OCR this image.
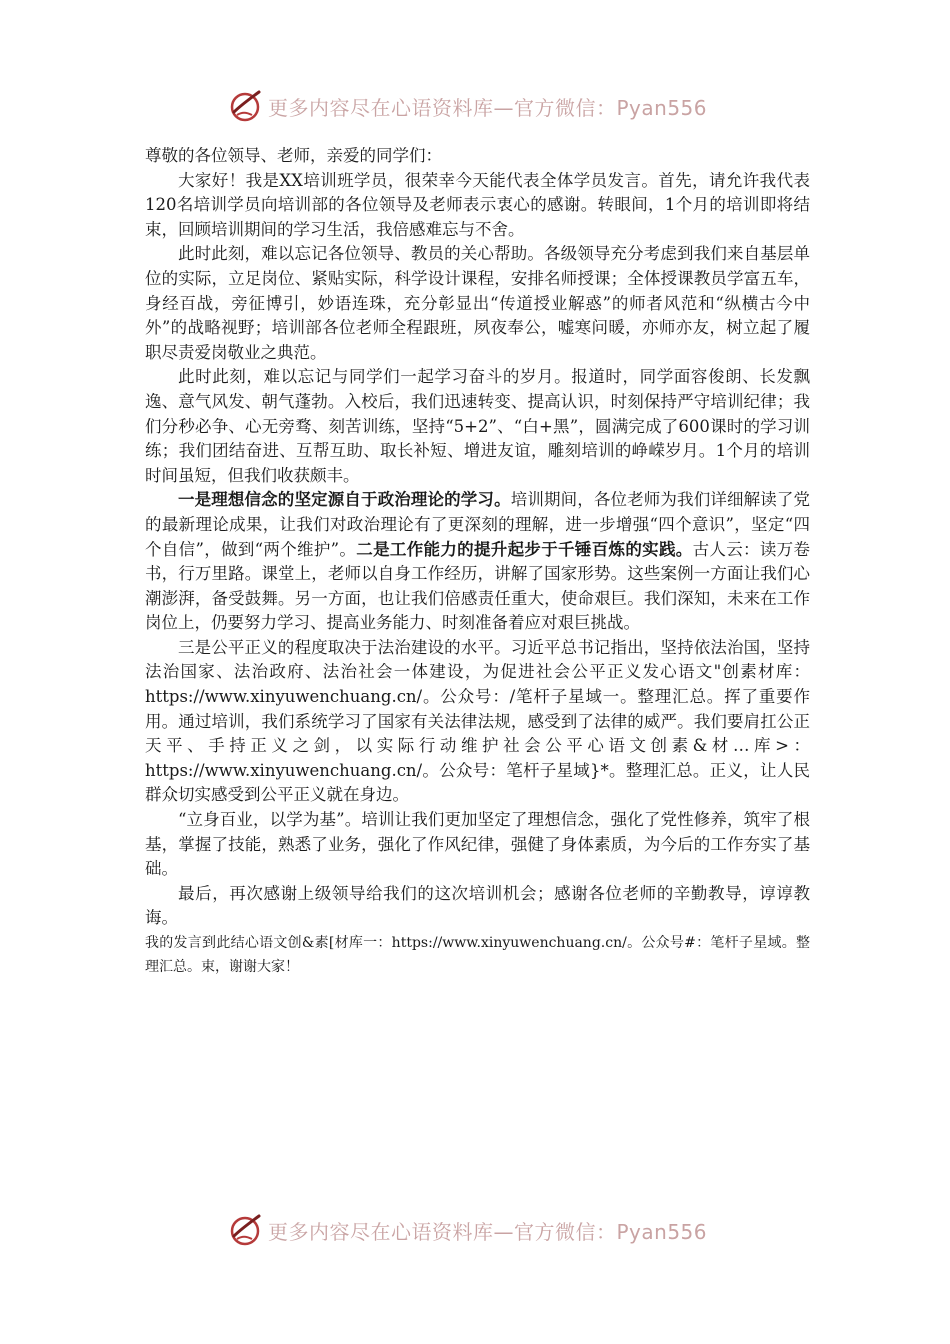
更多内容尽在心语资料库—官方微信：Pyan556

尊敬的各位领导、老师，亲爱的同学们：

大家好！我是XX培训班学员，很荣幸今天能代表全体学员发言。首先，请允许我代表120名培训学员向培训部的各位领导及老师表示衷心的感谢。转眼间，1个月的培训即将结束，回顾培训期间的学习生活，我倍感难忘与不舍。

此时此刻，难以忘记各位领导、教员的关心帮助。各级领导充分考虑到我们来自基层单位的实际，立足岗位、紧贴实际，科学设计课程，安排名师授课；全体授课教员学富五车，身经百战，旁征博引，妙语连珠，充分彰显出“传道授业解惑”的师者风范和“纵横古今中外”的战略视野；培训部各位老师全程跟班，夙夜奉公，嘘寒问暖，亦师亦友，树立起了履职尽责爱岗敬业之典范。

此时此刻，难以忘记与同学们一起学习奋斗的岁月。报道时，同学面容俊朗、长发飘逸、意气风发、朝气蓬勃。入校后，我们迅速转变、提高认识，时刻保持严守培训纪律；我们分秒必争、心无旁骛、刻苦训练，坚持“5+2”、“白+黑”，圆满完成了600课时的学习训练；我们团结奋进、互帮互助、取长补短、增进友谊，雕刻培训的峥嵘岁月。1个月的培训时间虽短，但我们收获颇丰。

一是理想信念的坚定源自于政治理论的学习。培训期间，各位老师为我们详细解读了党的最新理论成果，让我们对政治理论有了更深刻的理解，进一步增强“四个意识”，坚定“四个自信”，做到“两个维护”。二是工作能力的提升起步于千锤百炼的实践。古人云：读万卷书，行万里路。课堂上，老师以自身工作经历，讲解了国家形势。这些案例一方面让我们心潮澎湃，备受鼓舞。另一方面，也让我们倍感责任重大，使命艰巨。我们深知，未来在工作岗位上，仍要努力学习、提高业务能力、时刻准备着应对艰巨挑战。

三是公平正义的程度取决于法治建设的水平。习近平总书记指出，坚持依法治国，坚持法治国家、法治政府、法治社会一体建设，为促进社会公平正义发心语文"创素材库：https://www.xinyuwenchuang.cn/。公众号：/笔杆子星域一。整理汇总。挥了重要作用。通过培训，我们系统学习了国家有关法律法规，感受到了法律的威严。我们要肩扛公正天平、手持正义之剑，以实际行动维护社会公平心语文创素&材…库>：https://www.xinyuwenchuang.cn/。公众号：笔杆子星域}*。整理汇总。正义，让人民群众切实感受到公平正义就在身边。

“立身百业，以学为基”。培训让我们更加坚定了理想信念，强化了党性修养，筑牢了根基，掌握了技能，熟悉了业务，强化了作风纪律，强健了身体素质，为今后的工作夯实了基础。

最后，再次感谢上级领导给我们的这次培训机会；感谢各位老师的辛勤教导，谆谆教诲。

我的发言到此结心语文创&素[材库一：https://www.xinyuwenchuang.cn/。公众号#：笔杆子星域。整理汇总。束，谢谢大家！

更多内容尽在心语资料库—官方微信：Pyan556
